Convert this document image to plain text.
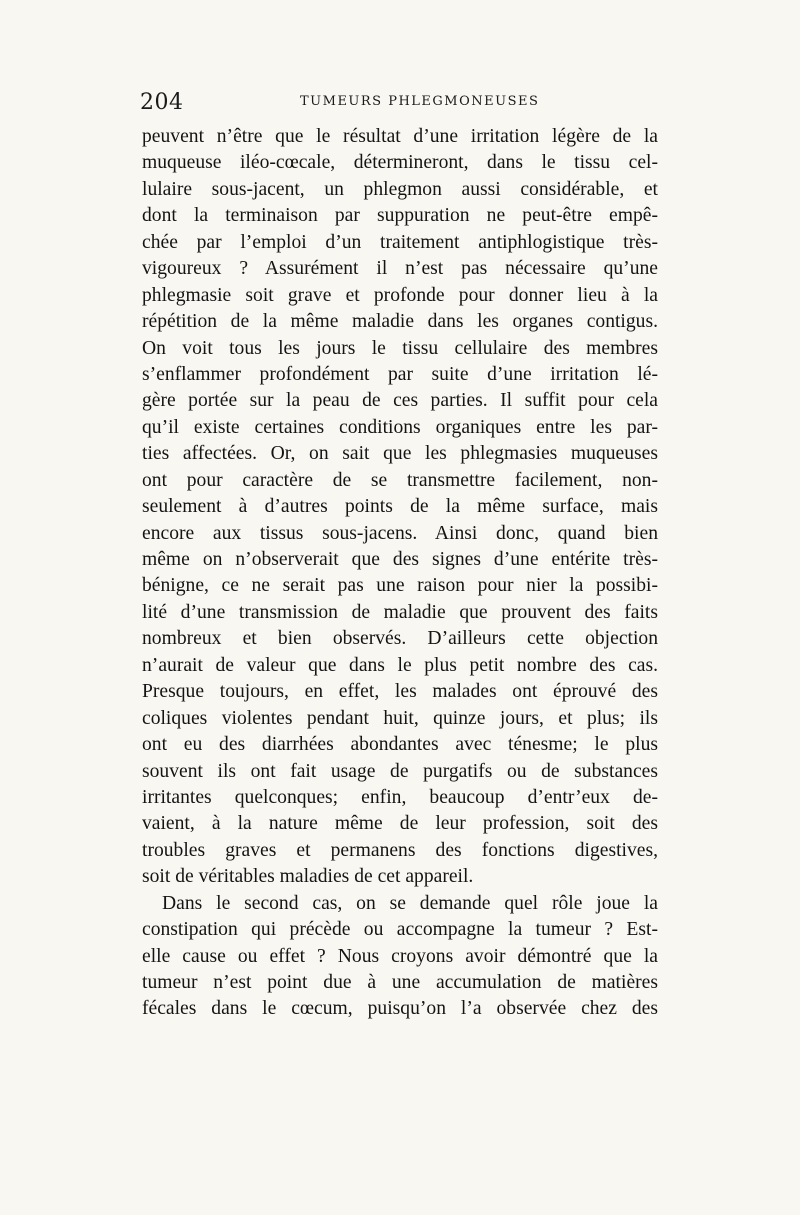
204	TUMEURS PHLEGMONEUSES
peuvent n’être que le résultat d’une irritation légère de la
muqueuse iléo-cœcale, détermineront, dans le tissu cel-
lulaire sous-jacent, un phlegmon aussi considérable, et
dont la terminaison par suppuration ne peut-être empê-
chée par l’emploi d’un traitement antiphlogistique très-
vigoureux ? Assurément il n’est pas nécessaire qu’une
phlegmasie soit grave et profonde pour donner lieu à la
répétition de la même maladie dans les organes contigus.
On voit tous les jours le tissu cellulaire des membres
s’enflammer profondément par suite d’une irritation lé-
gère portée sur la peau de ces parties. Il suffit pour cela
qu’il existe certaines conditions organiques entre les par-
ties affectées. Or, on sait que les phlegmasies muqueuses
ont pour caractère de se transmettre facilement, non-
seulement à d’autres points de la même surface, mais
encore aux tissus sous-jacens. Ainsi donc, quand bien
même on n’observerait que des signes d’une entérite très-
bénigne, ce ne serait pas une raison pour nier la possibi-
lité d’une transmission de maladie que prouvent des faits
nombreux et bien observés. D’ailleurs cette objection
n’aurait de valeur que dans le plus petit nombre des cas.
Presque toujours, en effet, les malades ont éprouvé des
coliques violentes pendant huit, quinze jours, et plus; ils
ont eu des diarrhées abondantes avec ténesme; le plus
souvent ils ont fait usage de purgatifs ou de substances
irritantes quelconques; enfin, beaucoup d’entr’eux de-
vaient, à la nature même de leur profession, soit des
troubles graves et permanens des fonctions digestives,
soit de véritables maladies de cet appareil.
Dans le second cas, on se demande quel rôle joue la
constipation qui précède ou accompagne la tumeur ? Est-
elle cause ou effet ? Nous croyons avoir démontré que la
tumeur n’est point due à une accumulation de matières
fécales dans le cœcum, puisqu’on l’a observée chez des
